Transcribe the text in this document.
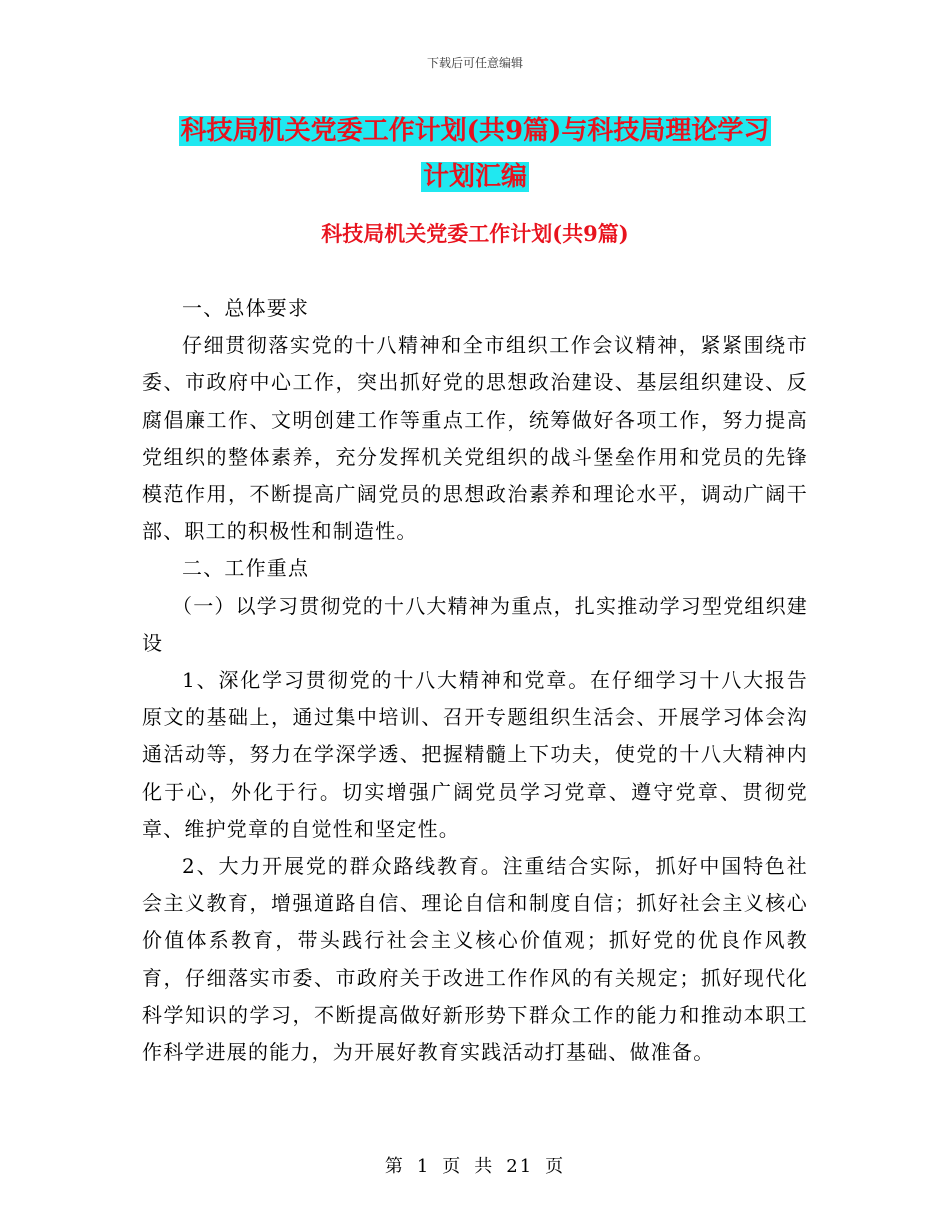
下载后可任意编辑
科技局机关党委工作计划(共9篇)与科技局理论学习
计划汇编
科技局机关党委工作计划(共9篇)

一、总体要求

仔细贯彻落实党的十八精神和全市组织工作会议精神，紧紧围绕市委、市政府中心工作，突出抓好党的思想政治建设、基层组织建设、反腐倡廉工作、文明创建工作等重点工作，统筹做好各项工作，努力提高党组织的整体素养，充分发挥机关党组织的战斗堡垒作用和党员的先锋模范作用，不断提高广阔党员的思想政治素养和理论水平，调动广阔干部、职工的积极性和制造性。

二、工作重点

（一）以学习贯彻党的十八大精神为重点，扎实推动学习型党组织建设

1、深化学习贯彻党的十八大精神和党章。在仔细学习十八大报告原文的基础上，通过集中培训、召开专题组织生活会、开展学习体会沟通活动等，努力在学深学透、把握精髓上下功夫，使党的十八大精神内化于心，外化于行。切实增强广阔党员学习党章、遵守党章、贯彻党章、维护党章的自觉性和坚定性。

2、大力开展党的群众路线教育。注重结合实际，抓好中国特色社会主义教育，增强道路自信、理论自信和制度自信；抓好社会主义核心价值体系教育，带头践行社会主义核心价值观；抓好党的优良作风教育，仔细落实市委、市政府关于改进工作作风的有关规定；抓好现代化科学知识的学习，不断提高做好新形势下群众工作的能力和推动本职工作科学进展的能力，为开展好教育实践活动打基础、做准备。

第 1 页 共 21 页
